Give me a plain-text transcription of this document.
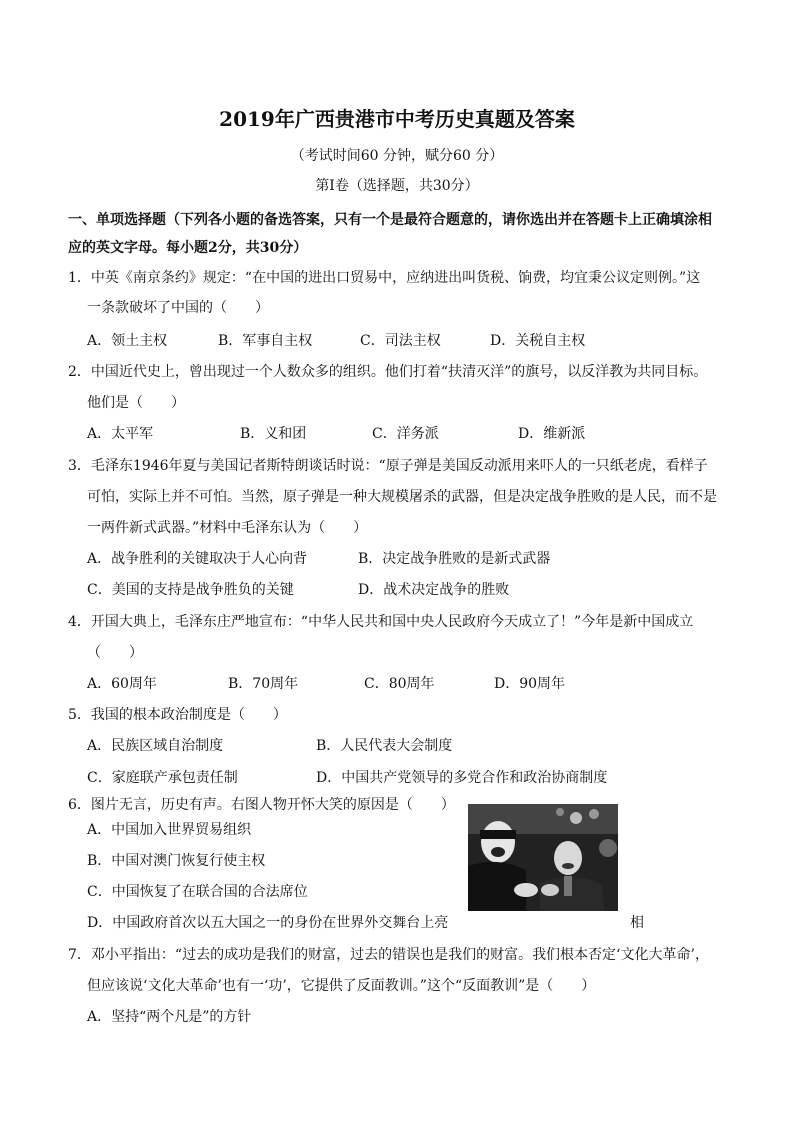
2019年广西贵港市中考历史真题及答案
（考试时间60 分钟，赋分60 分）
第Ⅰ卷（选择题，共30分）
一、单项选择题（下列各小题的备选答案，只有一个是最符合题意的，请你选出并在答题卡上正确填涂相
应的英文字母。每小题2分，共30分）
1．中英《南京条约》规定：“在中国的进出口贸易中，应纳进出叫货税、饷费，均宜秉公议定则例。”这
一条款破坏了中国的（　　）
A．领土主权	B．军事自主权	C．司法主权	D．关税自主权
2．中国近代史上，曾出现过一个人数众多的组织。他们打着“扶清灭洋”的旗号，以反洋教为共同目标。
他们是（　　）
A．太平军	B．义和团	C．洋务派	D．维新派
3．毛泽东1946年夏与美国记者斯特朗谈话时说：“原子弹是美国反动派用来吓人的一只纸老虎，看样子
可怕，实际上并不可怕。当然，原子弹是一种大规模屠杀的武器，但是决定战争胜败的是人民，而不是
一两件新式武器。”材料中毛泽东认为（　　）
A．战争胜利的关键取决于人心向背	B．决定战争胜败的是新式武器
C．美国的支持是战争胜负的关键	D．战术决定战争的胜败
4．开国大典上，毛泽东庄严地宣布：“中华人民共和国中央人民政府今天成立了！”今年是新中国成立
（　　）
A．60周年	B．70周年	C．80周年	D．90周年
5．我国的根本政治制度是（　　）
A．民族区域自治制度	B．人民代表大会制度
C．家庭联产承包责任制	D．中国共产党领导的多党合作和政治协商制度
6．图片无言，历史有声。右图人物开怀大笑的原因是（　　）
A．中国加入世界贸易组织
B．中国对澳门恢复行使主权
C．中国恢复了在联合国的合法席位
D．中国政府首次以五大国之一的身份在世界外交舞台上亮	相
7．邓小平指出：“过去的成功是我们的财富，过去的错误也是我们的财富。我们根本否定‘文化大革命’，
但应该说‘文化大革命’也有一‘功’，它提供了反面教训。”这个“反面教训”是（　　）
A．坚持“两个凡是”的方针
